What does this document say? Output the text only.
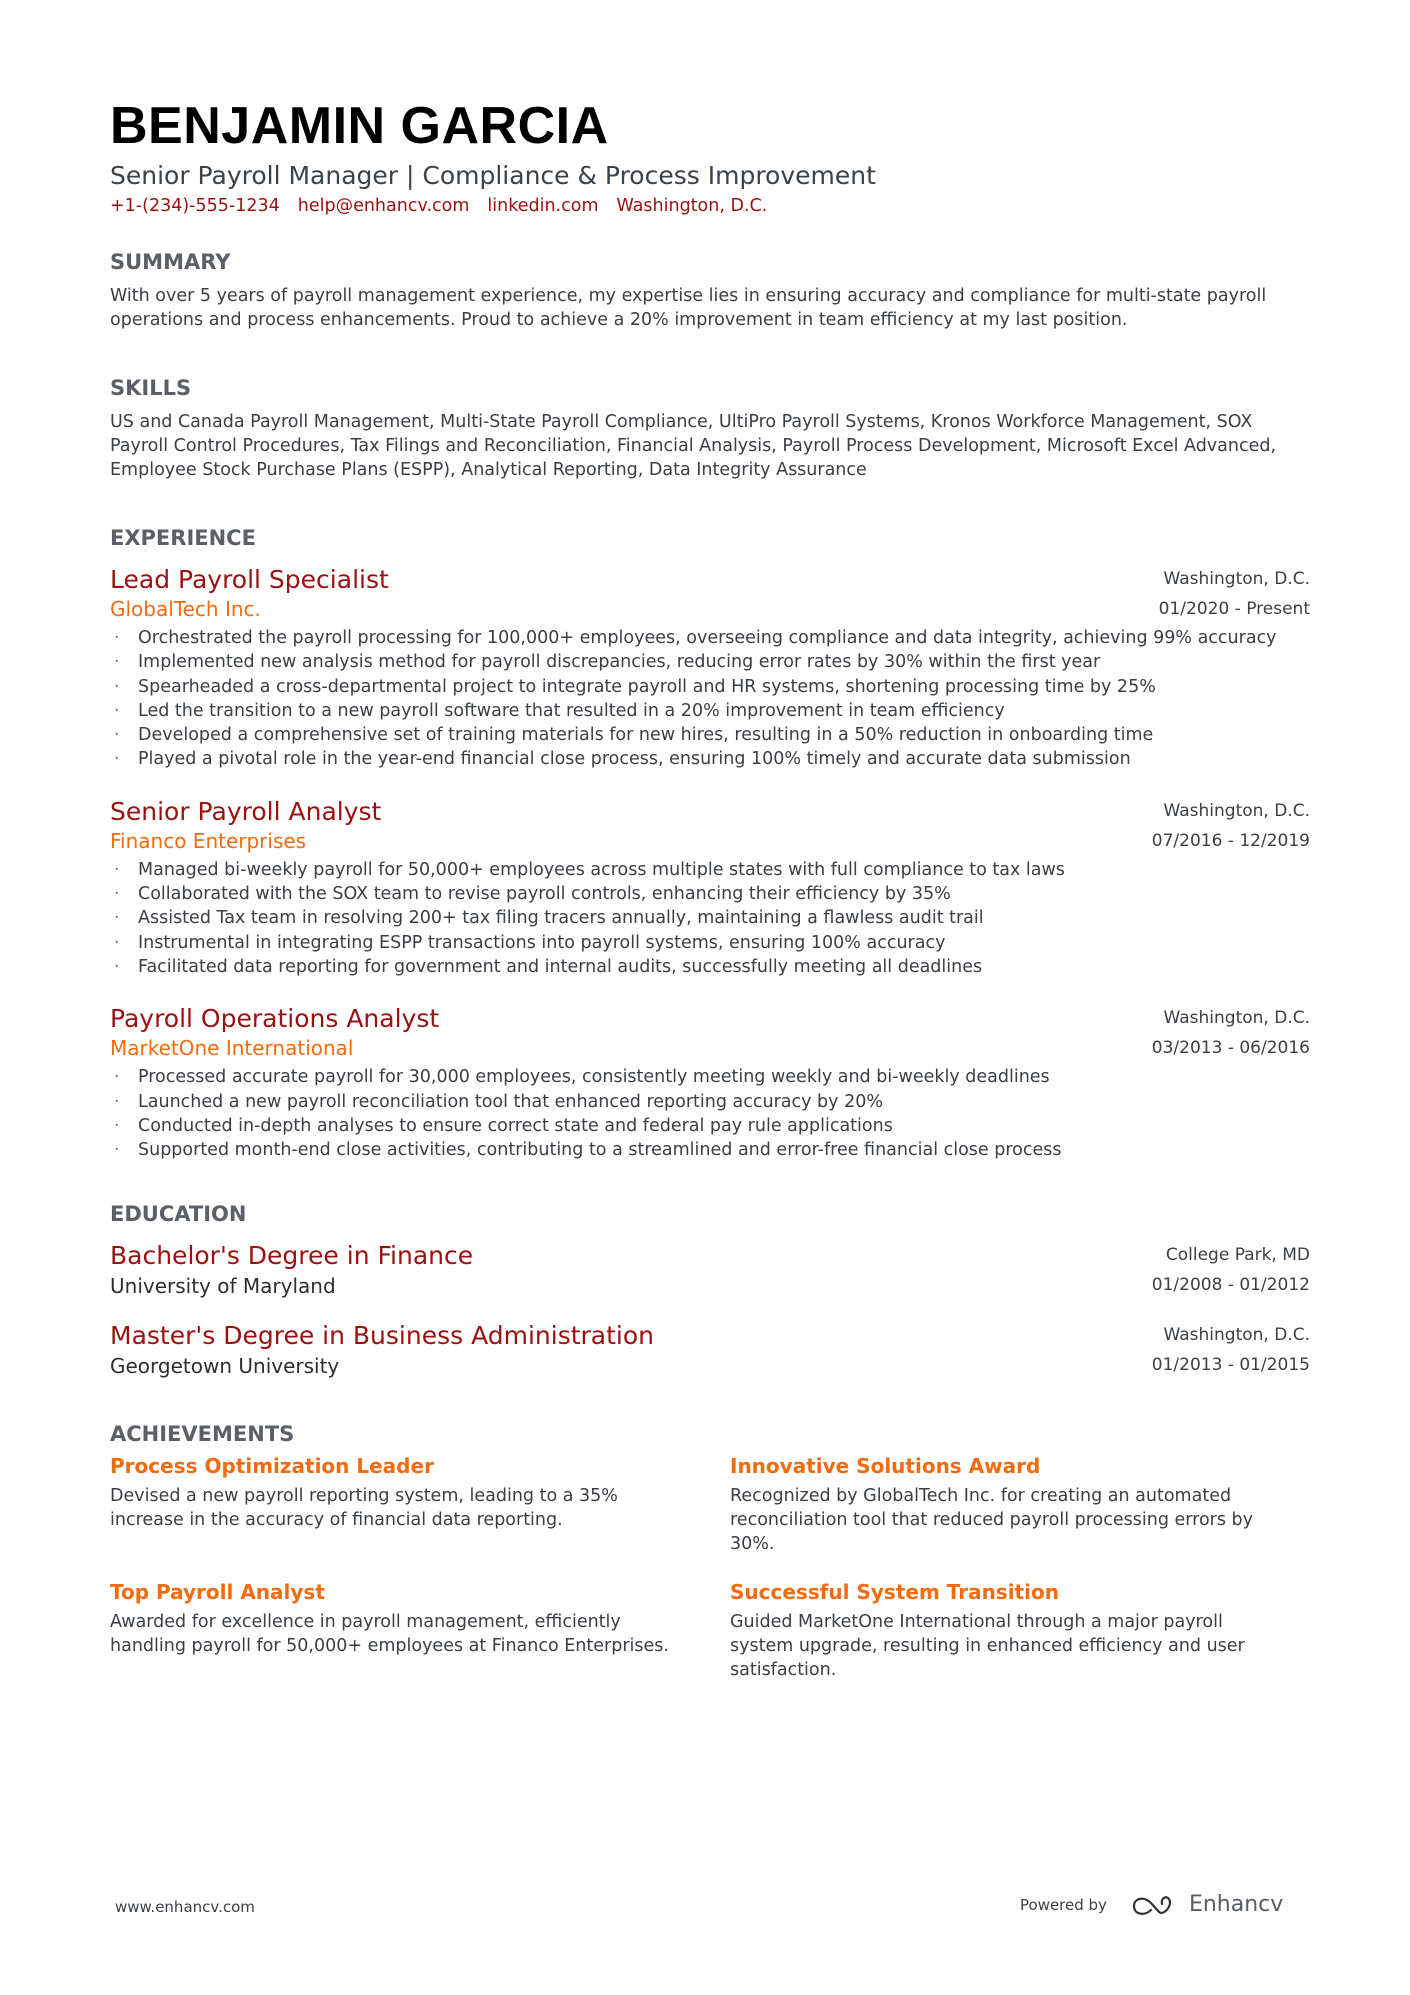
BENJAMIN GARCIA
Senior Payroll Manager | Compliance & Process Improvement
+1-(234)-555-1234 help@enhancv.com linkedin.com Washington, D.C.
SUMMARY
With over 5 years of payroll management experience, my expertise lies in ensuring accuracy and compliance for multi-state payroll operations and process enhancements. Proud to achieve a 20% improvement in team efficiency at my last position.
SKILLS
US and Canada Payroll Management, Multi-State Payroll Compliance, UltiPro Payroll Systems, Kronos Workforce Management, SOX Payroll Control Procedures, Tax Filings and Reconciliation, Financial Analysis, Payroll Process Development, Microsoft Excel Advanced, Employee Stock Purchase Plans (ESPP), Analytical Reporting, Data Integrity Assurance
EXPERIENCE
Lead Payroll Specialist
GlobalTech Inc.
Washington, D.C.
01/2020 - Present
· Orchestrated the payroll processing for 100,000+ employees, overseeing compliance and data integrity, achieving 99% accuracy
· Implemented new analysis method for payroll discrepancies, reducing error rates by 30% within the first year
· Spearheaded a cross-departmental project to integrate payroll and HR systems, shortening processing time by 25%
· Led the transition to a new payroll software that resulted in a 20% improvement in team efficiency
· Developed a comprehensive set of training materials for new hires, resulting in a 50% reduction in onboarding time
· Played a pivotal role in the year-end financial close process, ensuring 100% timely and accurate data submission
Senior Payroll Analyst
Financo Enterprises
Washington, D.C.
07/2016 - 12/2019
· Managed bi-weekly payroll for 50,000+ employees across multiple states with full compliance to tax laws
· Collaborated with the SOX team to revise payroll controls, enhancing their efficiency by 35%
· Assisted Tax team in resolving 200+ tax filing tracers annually, maintaining a flawless audit trail
· Instrumental in integrating ESPP transactions into payroll systems, ensuring 100% accuracy
· Facilitated data reporting for government and internal audits, successfully meeting all deadlines
Payroll Operations Analyst
MarketOne International
Washington, D.C.
03/2013 - 06/2016
· Processed accurate payroll for 30,000 employees, consistently meeting weekly and bi-weekly deadlines
· Launched a new payroll reconciliation tool that enhanced reporting accuracy by 20%
· Conducted in-depth analyses to ensure correct state and federal pay rule applications
· Supported month-end close activities, contributing to a streamlined and error-free financial close process
EDUCATION
Bachelor's Degree in Finance
University of Maryland
College Park, MD
01/2008 - 01/2012
Master's Degree in Business Administration
Georgetown University
Washington, D.C.
01/2013 - 01/2015
ACHIEVEMENTS
Process Optimization Leader
Devised a new payroll reporting system, leading to a 35% increase in the accuracy of financial data reporting.
Innovative Solutions Award
Recognized by GlobalTech Inc. for creating an automated reconciliation tool that reduced payroll processing errors by 30%.
Top Payroll Analyst
Awarded for excellence in payroll management, efficiently handling payroll for 50,000+ employees at Financo Enterprises.
Successful System Transition
Guided MarketOne International through a major payroll system upgrade, resulting in enhanced efficiency and user satisfaction.
www.enhancv.com	Powered by	Enhancv
